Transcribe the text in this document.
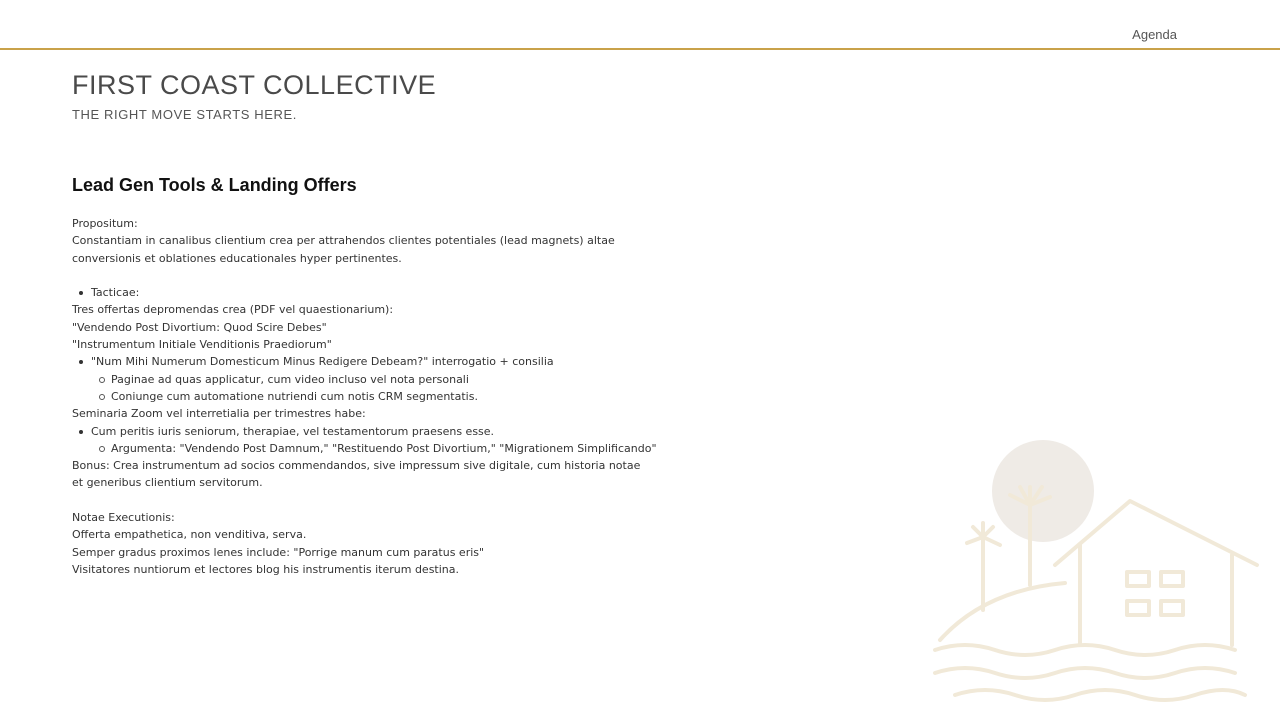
Agenda
FIRST COAST COLLECTIVE
THE RIGHT MOVE STARTS HERE.
Lead Gen Tools & Landing Offers
Propositum:
Constantiam in canalibus clientium crea per attrahendos clientes potentiales (lead magnets) altae conversionis et oblationes educationales hyper pertinentes.
Tacticae:
Tres offertas depromendas crea (PDF vel quaestionarium):
"Vendendo Post Divortium: Quod Scire Debes"
"Instrumentum Initiale Venditionis Praediorum"
"Num Mihi Numerum Domesticum Minus Redigere Debeam?" interrogatio + consilia
Paginae ad quas applicatur, cum video incluso vel nota personali
Coniunge cum automatione nutriendi cum notis CRM segmentatis.
Seminaria Zoom vel interretialia per trimestres habe:
Cum peritis iuris seniorum, therapiae, vel testamentorum praesens esse.
Argumenta: "Vendendo Post Damnum," "Restituendo Post Divortium," "Migrationem Simplificando"
Bonus: Crea instrumentum ad socios commendandos, sive impressum sive digitale, cum historia notae et generibus clientium servitorum.
Notae Executionis:
Offerta empathetica, non venditiva, serva.
Semper gradus proximos lenes include: "Porrige manum cum paratus eris"
Visitatores nuntiorum et lectores blog his instrumentis iterum destina.
